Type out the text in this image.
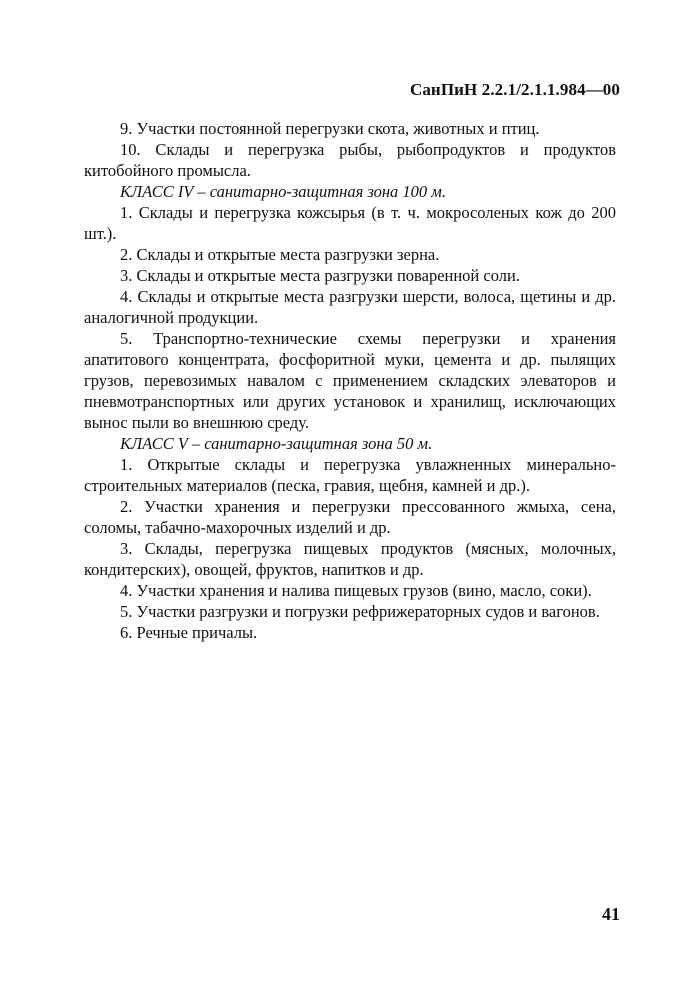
СанПиН 2.2.1/2.1.1.984—00

9. Участки постоянной перегрузки скота, животных и птиц.

10. Склады и перегрузка рыбы, рыбопродуктов и продуктов китобойного промысла.

КЛАСС IV – санитарно-защитная зона 100 м.

1. Склады и перегрузка кожсырья (в т. ч. мокросоленых кож до 200 шт.).

2. Склады и открытые места разгрузки зерна.

3. Склады и открытые места разгрузки поваренной соли.

4. Склады и открытые места разгрузки шерсти, волоса, щетины и др. аналогичной продукции.

5. Транспортно-технические схемы перегрузки и хранения апатитового концентрата, фосфоритной муки, цемента и др. пылящих грузов, перевозимых навалом с применением складских элеваторов и пневмотранспортных или других установок и хранилищ, исключающих вынос пыли во внешнюю среду.

КЛАСС V – санитарно-защитная зона 50 м.

1. Открытые склады и перегрузка увлажненных минерально-строительных материалов (песка, гравия, щебня, камней и др.).

2. Участки хранения и перегрузки прессованного жмыха, сена, соломы, табачно-махорочных изделий и др.

3. Склады, перегрузка пищевых продуктов (мясных, молочных, кондитерских), овощей, фруктов, напитков и др.

4. Участки хранения и налива пищевых грузов (вино, масло, соки).

5. Участки разгрузки и погрузки рефрижераторных судов и вагонов.

6. Речные причалы.

41
